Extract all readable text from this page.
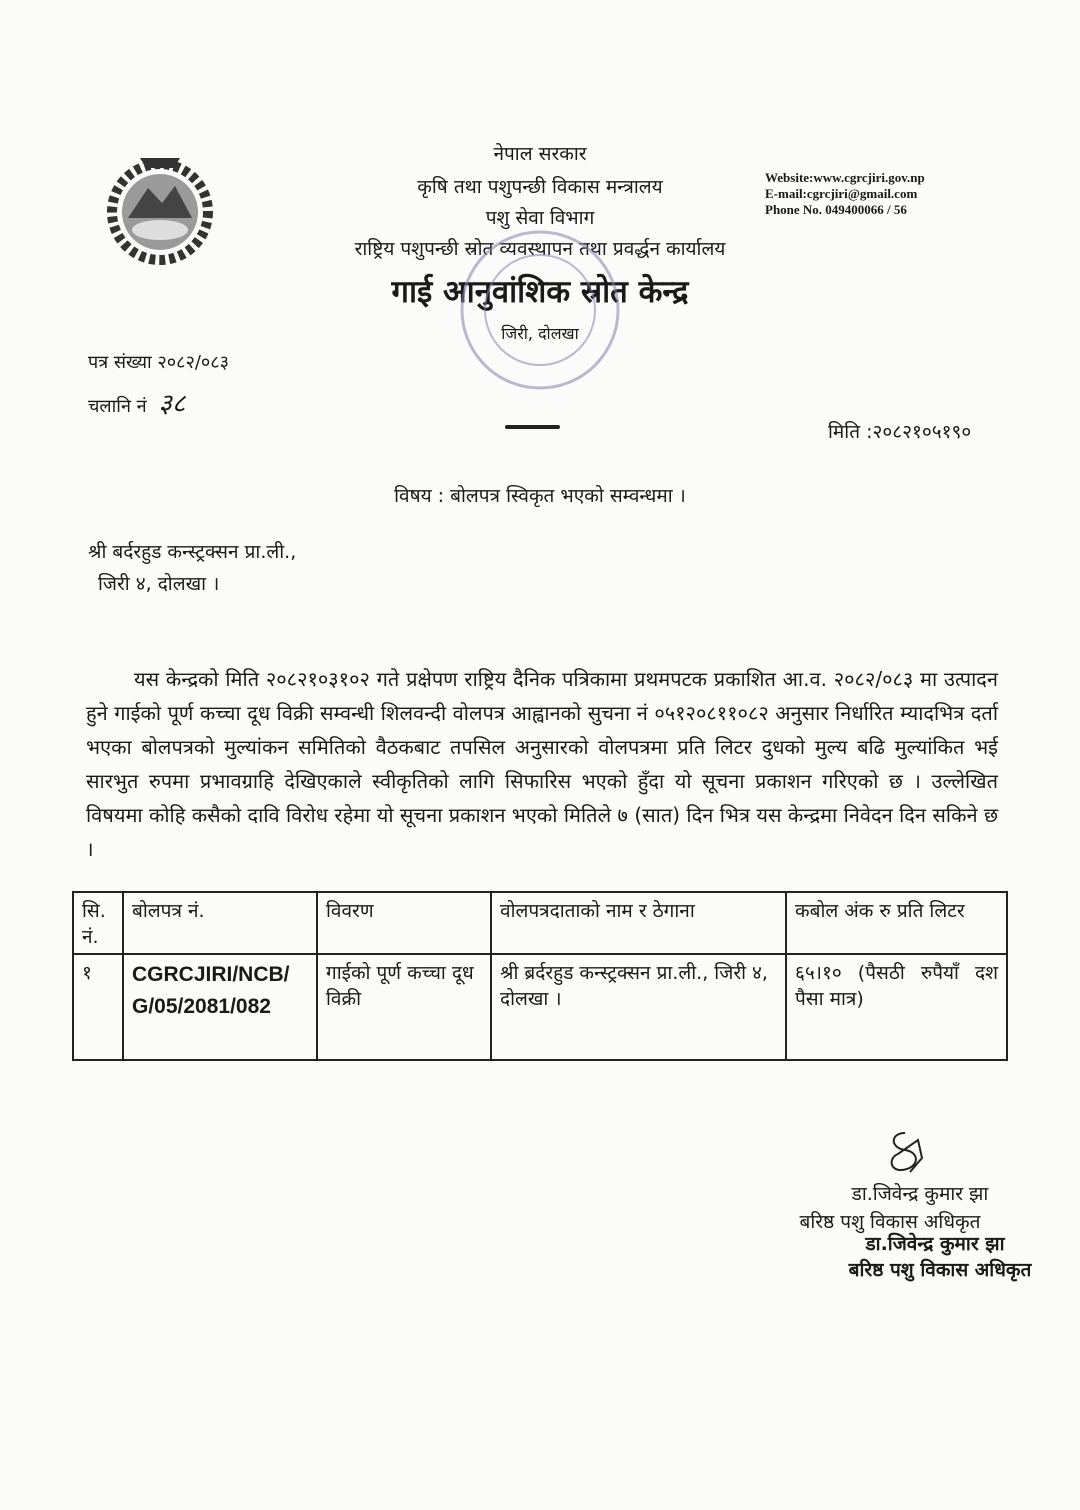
नेपाल सरकार
कृषि तथा पशुपन्छी विकास मन्त्रालय
पशु सेवा विभाग
राष्ट्रिय पशुपन्छी स्रोत व्यवस्थापन तथा प्रवर्द्धन कार्यालय
गाई आनुवांशिक स्रोत केन्द्र
जिरी, दोलखा
Website:www.cgrcjiri.gov.np
E-mail:cgrcjiri@gmail.com
Phone No. 049400066 / 56
पत्र संख्या २०८२/०८३
चलानि नं ३८
मिति :२०८२१०५१९०
विषय : बोलपत्र स्विकृत भएको सम्वन्धमा ।
श्री बर्दरहुड कन्स्ट्रक्सन प्रा.ली.,
जिरी ४, दोलखा ।
यस केन्द्रको मिति २०८२१०३१०२ गते प्रक्षेपण राष्ट्रिय दैनिक पत्रिकामा प्रथमपटक प्रकाशित आ.व. २०८२/०८३ मा उत्पादन हुने गाईको पूर्ण कच्चा दूध विक्री सम्वन्धी शिलवन्दी वोलपत्र आह्वानको सुचना नं ०५१२०८११०८२ अनुसार निर्धारित म्यादभित्र दर्ता भएका बोलपत्रको मुल्यांकन समितिको वैठकबाट तपसिल अनुसारको वोलपत्रमा प्रति लिटर दुधको मुल्य बढि मुल्यांकित भई सारभुत रुपमा प्रभावग्राहि देखिएकाले स्वीकृतिको लागि सिफारिस भएको हुँदा यो सूचना प्रकाशन गरिएको छ । उल्लेखित विषयमा कोहि कसैको दावि विरोध रहेमा यो सूचना प्रकाशन भएको मितिले ७ (सात) दिन भित्र यस केन्द्रमा निवेदन दिन सकिने छ ।
सि. नं.	बोलपत्र नं.	विवरण	वोलपत्रदाताको नाम र ठेगाना	कबोल अंक रु प्रति लिटर
१	CGRCJIRI/NCB/ G/05/2081/082	गाईको पूर्ण कच्चा दूध विक्री	श्री ब्रर्दरहुड कन्स्ट्रक्सन प्रा.ली., जिरी ४, दोलखा ।	६५।१० (पैसठी रुपैयाँ दश पैसा मात्र)
डा.जिवेन्द्र कुमार झा
बरिष्ठ पशु विकास अधिकृत
डा.जिवेन्द्र कुमार झा
बरिष्ठ पशु विकास अधिकृत
